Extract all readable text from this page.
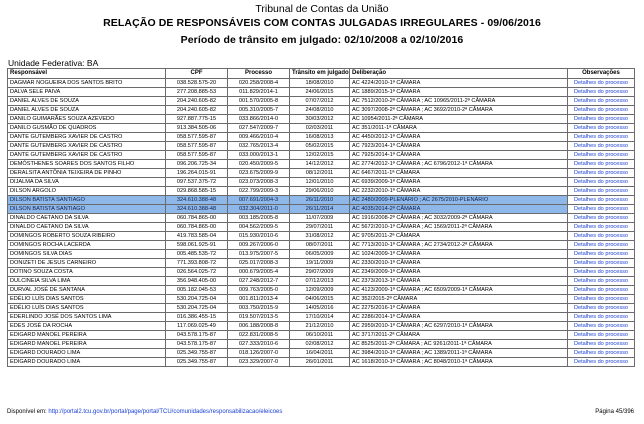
Tribunal de Contas da União
RELAÇÃO DE RESPONSÁVEIS COM CONTAS JULGADAS IRREGULARES - 09/06/2016
Período de trânsito em julgado: 02/10/2008 a 02/10/2016
Unidade Federativa: BA
Responsável	CPF	Processo	Trânsito em julgado	Deliberação	Observações
DAGMAR NOGUEIRA DOS SANTOS BRITO	038.528.575-20	020.258/2008-4	18/08/2010	AC 4224/2010-1ª CÂMARA	Detalhes do processo
DALVA SELE PAIVA	277.208.885-53	011.829/2014-1	24/06/2015	AC 1889/2015-1ª CÂMARA	Detalhes do processo
DANIEL ALVES DE SOUZA	204.240.605-82	001.570/2005-8	07/07/2012	AC 7512/2010-2ª CÂMARA ; AC 10965/2011-2ª CÂMARA	Detalhes do processo
DANIEL ALVES DE SOUZA	204.240.605-82	005.310/2005-7	24/08/2010	AC 3097/2008-2ª CÂMARA ; AC 3692/2010-2ª CÂMARA	Detalhes do processo
DANILO GUIMARÃES SOUZA AZEVEDO	927.887.775-15	033.866/2014-0	30/03/2012	AC 10954/2011-2ª CÂMARA	Detalhes do processo
DANILO GUSMÃO DE QUADROS	913.384.505-06	027.547/2009-7	02/03/2011	AC 351/2011-1ª CÂMARA	Detalhes do processo
DANTE GUTEMBERG XAVIER DE CASTRO	058.577.595-87	009.466/2010-4	16/08/2013	AC 4450/2012-1ª CÂMARA	Detalhes do processo
DANTE GUTEMBERG XAVIER DE CASTRO	058.577.595-87	032.765/2013-4	05/02/2015	AC 7923/2014-1ª CÂMARA	Detalhes do processo
DANTE GUTEMBERG XAVIER DE CASTRO	058.577.595-87	033.000/2013-1	12/02/2015	AC 7925/2014-1ª CÂMARA	Detalhes do processo
DEMÓSTHENES SOARES DOS SANTOS FILHO	096.206.725-34	020.450/2009-5	14/12/2012	AC 2774/2012-1ª CÂMARA ; AC 6796/2012-1ª CÂMARA	Detalhes do processo
DERALSITA ANTÔNIA TEIXEIRA DE PINHO	196.264.015-91	023.675/2009-9	08/12/2011	AC 6467/2011-1ª CÂMARA	Detalhes do processo
DIJALMA DA SILVA	097.537.375-72	023.073/2008-3	12/01/2010	AC 6939/2009-1ª CÂMARA	Detalhes do processo
DILSON ARGOLO	029.868.585-15	022.799/2009-3	29/06/2010	AC 2232/2010-1ª CÂMARA	Detalhes do processo
DILSON BATISTA SANTIAGO	324.610.388-48	007.691/2004-3	26/11/2010	AC 2480/2009-PLENÁRIO ; AC 2675/2010-PLENÁRIO	Detalhes do processo
DILSON BATISTA SANTIAGO	324.610.388-48	032.304/2011-0	26/11/2014	AC 4035/2014-2ª CÂMARA	Detalhes do processo
DINALDO CAETANO DA SILVA	060.784.865-00	003.185/2005-8	11/07/2009	AC 1916/2008-2ª CÂMARA ; AC 3032/2009-2ª CÂMARA	Detalhes do processo
DINALDO CAETANO DA SILVA	060.784.865-00	004.562/2009-5	29/07/2011	AC 5672/2010-1ª CÂMARA ; AC 1569/2011-2ª CÂMARA	Detalhes do processo
DOMINGOS ROBERTO SOUZA RIBEIRO	419.783.585-04	015.930/2010-6	31/08/2012	AC 9705/2011-2ª CÂMARA	Detalhes do processo
DOMINGOS ROCHA LACERDA	598.061.925-91	009.267/2006-0	08/07/2011	AC 7713/2010-1ª CÂMARA ; AC 2734/2012-2ª CÂMARA	Detalhes do processo
DOMINGOS SILVA DIAS	005.485.535-72	013.975/2007-5	06/05/2009	AC 1024/2009-1ª CÂMARA	Detalhes do processo
DONIZETI DE JESUS CARNEIRO	771.393.808-72	025.017/2008-3	19/11/2009	AC 2330/2010-1ª CÂMARA	Detalhes do processo
DOTINO SOUZA COSTA	026.564.025-72	000.679/2005-4	29/07/2009	AC 2349/2009-1ª CÂMARA	Detalhes do processo
DULCINEIA SILVA LIMA	356.948.405-00	027.248/2012-7	07/12/2013	AC 2373/2013-1ª CÂMARA	Detalhes do processo
DURVAL JOSÉ DE SANTANA	005.182.045-53	009.763/2005-0	12/09/2009	AC 4123/2009-1ª CÂMARA ; AC 6509/2009-1ª CÂMARA	Detalhes do processo
EDÉLIO LUÍS DIAS SANTOS	530.204.725-04	001.811/2013-4	04/06/2015	AC 352/2015-2ª CÂMARA	Detalhes do processo
EDÉLIO LUÍS DIAS SANTOS	530.204.725-04	003.750/2015-9	14/05/2016	AC 2275/2016-1ª CÂMARA	Detalhes do processo
EDERLINDO JOSÉ DOS SANTOS LIMA	016.386.455-15	019.507/2013-5	17/10/2014	AC 2286/2014-1ª CÂMARA	Detalhes do processo
EDES JOSÉ DA ROCHA	117.069.025-49	006.188/2008-8	21/12/2010	AC 2959/2010-1ª CÂMARA ; AC 6297/2010-1ª CÂMARA	Detalhes do processo
EDIGARD MANOEL PEREIRA	043.578.175-87	022.831/2008-5	06/10/2011	AC 3717/2011-2ª CÂMARA	Detalhes do processo
EDIGARD MANOEL PEREIRA	043.578.175-87	027.333/2010-6	02/08/2012	AC 8525/2011-2ª CÂMARA ; AC 9261/2011-1ª CÂMARA	Detalhes do processo
EDIGARD DOURADO LIMA	025.349.755-87	018.126/2007-0	16/04/2011	AC 3984/2010-1ª CÂMARA ; AC 1389/2011-1ª CÂMARA	Detalhes do processo
EDIGARD DOURADO LIMA	025.349.755-87	023.329/2007-0	26/01/2011	AC 1618/2010-1ª CÂMARA ; AC 8048/2010-1ª CÂMARA	Detalhes do processo
Disponível em: http://portal2.tcu.gov.br/portal/page/portal/TCU/comunidades/responsabilizacao/eleicoes	Página 45/396
